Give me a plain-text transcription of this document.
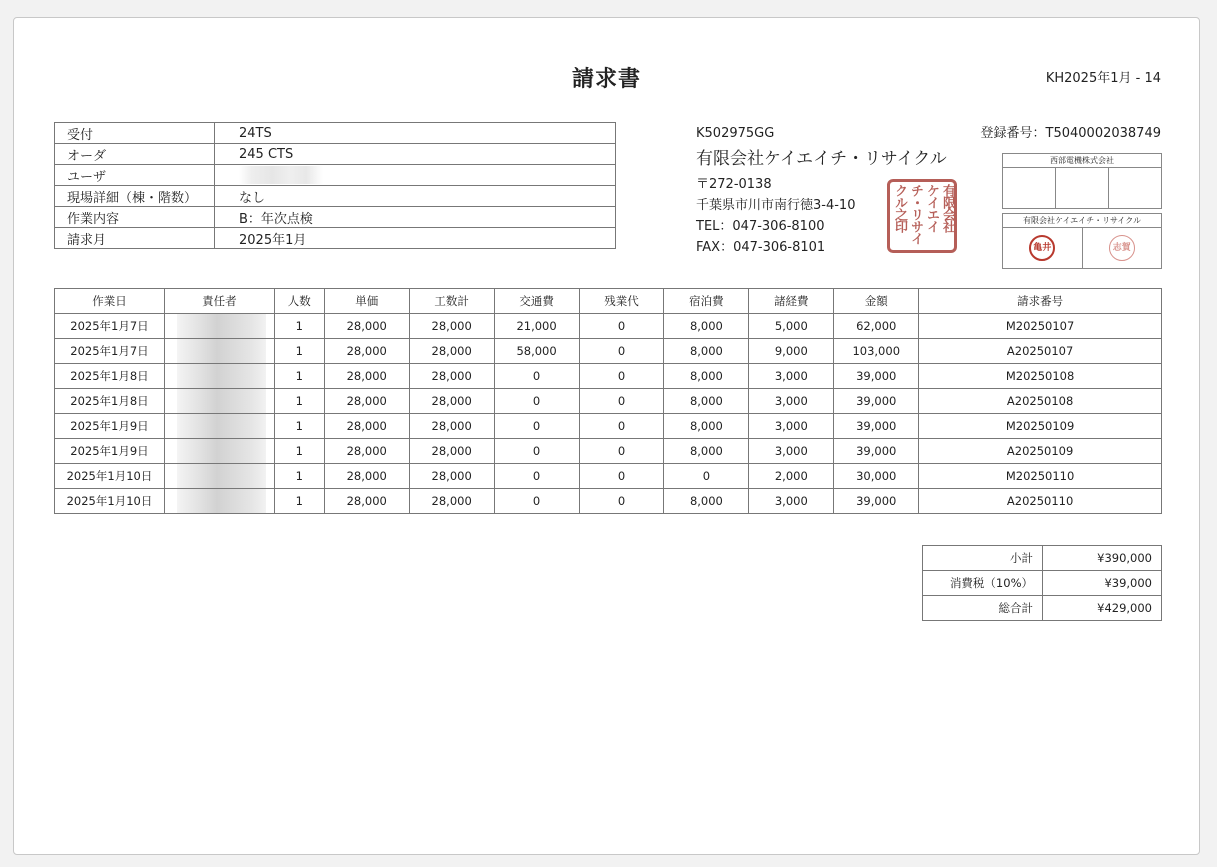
請求書	KH2025年1月 - 14
受付	24TS
オーダ	245 CTS
ユーザ	
現場詳細（棟・階数）	なし
作業内容	B：年次点検
請求月	2025年1月
K502975GG
有限会社ケイエイチ・リサイクル
〒272-0138
千葉県市川市南行徳3-4-10
TEL：047-306-8100
FAX：047-306-8101
登録番号：T5040002038749
有限会社
ケイエイ
チ・リサイ
クル之印
西部電機株式会社
有限会社ケイエイチ・リサイクル
亀井	志賀
作業日	責任者	人数	単価	工数計	交通費	残業代	宿泊費	諸経費	金額	請求番号
2025年1月7日		1	28,000	28,000	21,000	0	8,000	5,000	62,000	M20250107
2025年1月7日		1	28,000	28,000	58,000	0	8,000	9,000	103,000	A20250107
2025年1月8日		1	28,000	28,000	0	0	8,000	3,000	39,000	M20250108
2025年1月8日		1	28,000	28,000	0	0	8,000	3,000	39,000	A20250108
2025年1月9日		1	28,000	28,000	0	0	8,000	3,000	39,000	M20250109
2025年1月9日		1	28,000	28,000	0	0	8,000	3,000	39,000	A20250109
2025年1月10日		1	28,000	28,000	0	0	0	2,000	30,000	M20250110
2025年1月10日		1	28,000	28,000	0	0	8,000	3,000	39,000	A20250110
小計	¥390,000
消費税（10%）	¥39,000
総合計	¥429,000
